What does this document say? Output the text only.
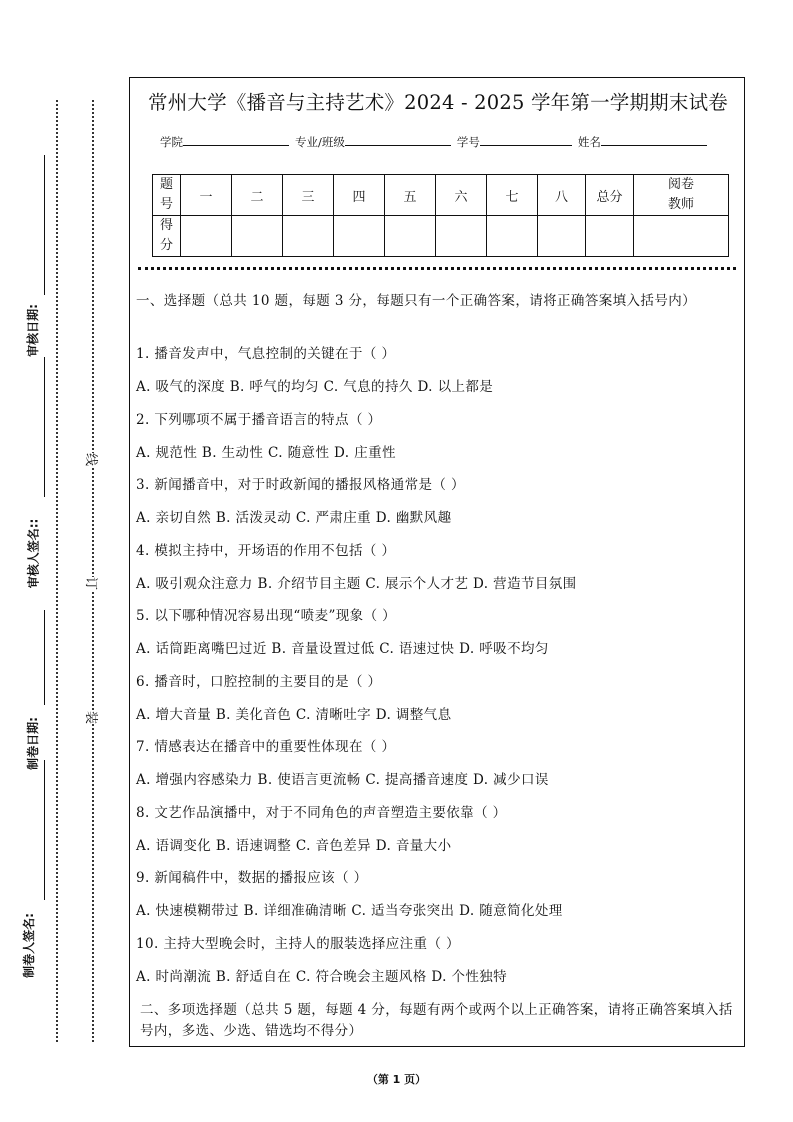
审核日期:
审核人签名::
制卷日期:
制卷人签名:
线
订
装
常州大学《播音与主持艺术》2024 - 2025 学年第一学期期末试卷
学院	专业/班级	学号	姓名
题
号	一	二	三	四	五	六	七	八	总分	阅卷
教师
得
分										
一、选择题（总共 10 题，每题 3 分，每题只有一个正确答案，请将正确答案填入括号内）
1. 播音发声中，气息控制的关键在于（ ）
A. 吸气的深度 B. 呼气的均匀 C. 气息的持久 D. 以上都是
2. 下列哪项不属于播音语言的特点（ ）
A. 规范性 B. 生动性 C. 随意性 D. 庄重性
3. 新闻播音中，对于时政新闻的播报风格通常是（ ）
A. 亲切自然 B. 活泼灵动 C. 严肃庄重 D. 幽默风趣
4. 模拟主持中，开场语的作用不包括（ ）
A. 吸引观众注意力 B. 介绍节目主题 C. 展示个人才艺 D. 营造节目氛围
5. 以下哪种情况容易出现“喷麦”现象（ ）
A. 话筒距离嘴巴过近 B. 音量设置过低 C. 语速过快 D. 呼吸不均匀
6. 播音时，口腔控制的主要目的是（ ）
A. 增大音量 B. 美化音色 C. 清晰吐字 D. 调整气息
7. 情感表达在播音中的重要性体现在（ ）
A. 增强内容感染力 B. 使语言更流畅 C. 提高播音速度 D. 减少口误
8. 文艺作品演播中，对于不同角色的声音塑造主要依靠（ ）
A. 语调变化 B. 语速调整 C. 音色差异 D. 音量大小
9. 新闻稿件中，数据的播报应该（ ）
A. 快速模糊带过 B. 详细准确清晰 C. 适当夸张突出 D. 随意简化处理
10. 主持大型晚会时，主持人的服装选择应注重（ ）
A. 时尚潮流 B. 舒适自在 C. 符合晚会主题风格 D. 个性独特
二、多项选择题（总共 5 题，每题 4 分，每题有两个或两个以上正确答案，请将正确答案填入括号内，多选、少选、错选均不得分）
（第 1 页）
